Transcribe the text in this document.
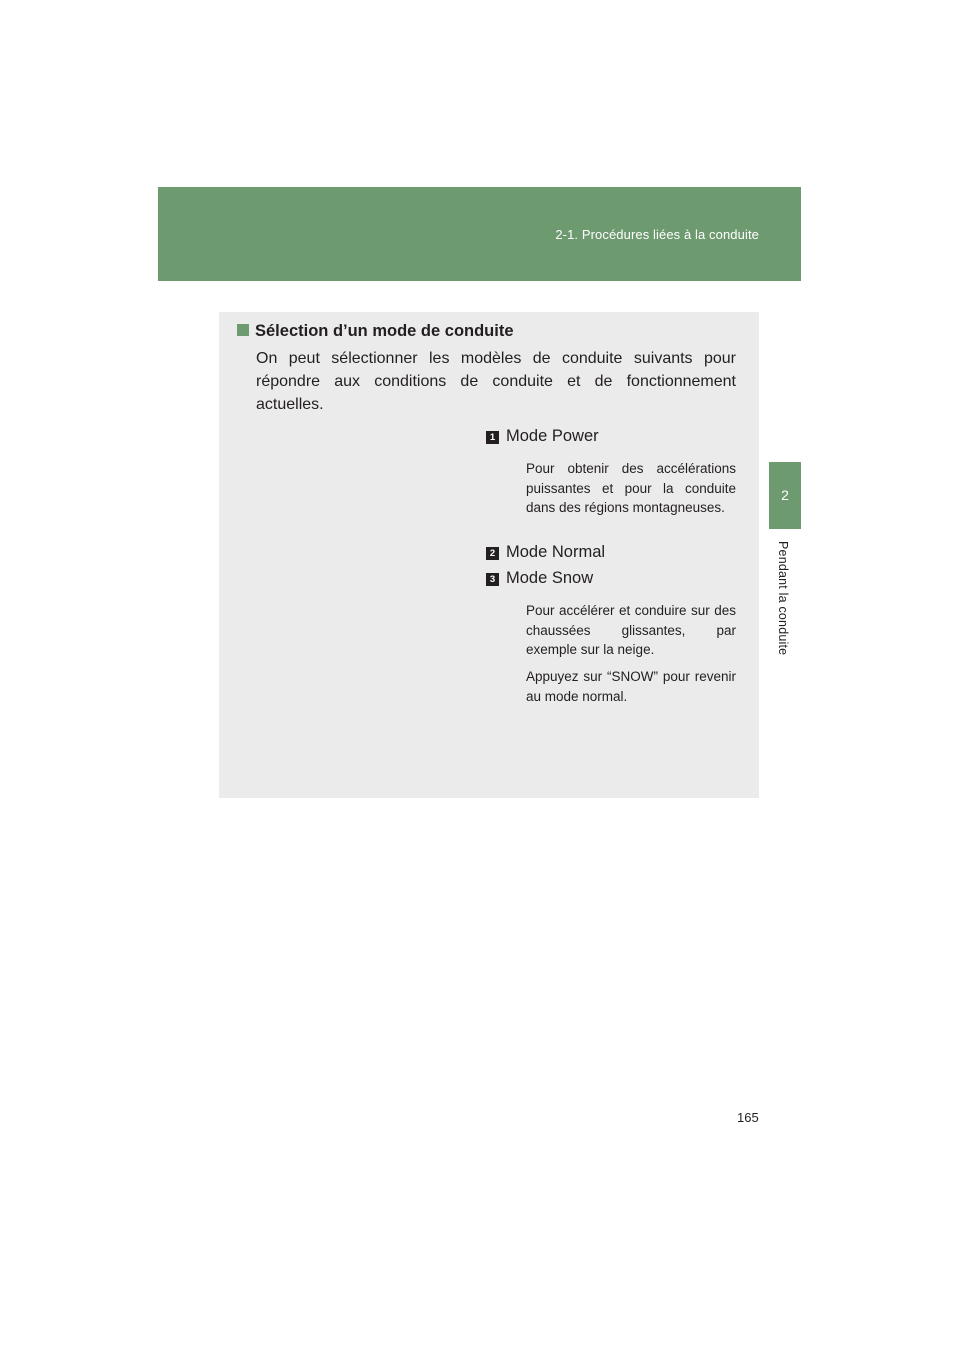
2-1. Procédures liées à la conduite
2
Pendant la conduite
Sélection d’un mode de conduite

On peut sélectionner les modèles de conduite suivants pour répondre aux conditions de conduite et de fonctionnement actuelles.

1 Mode Power

Pour obtenir des accélérations puissantes et pour la conduite dans des régions montagneuses.

2 Mode Normal
3 Mode Snow

Pour accélérer et conduire sur des chaussées glissantes, par exemple sur la neige.

Appuyez sur “SNOW” pour revenir au mode normal.

165
